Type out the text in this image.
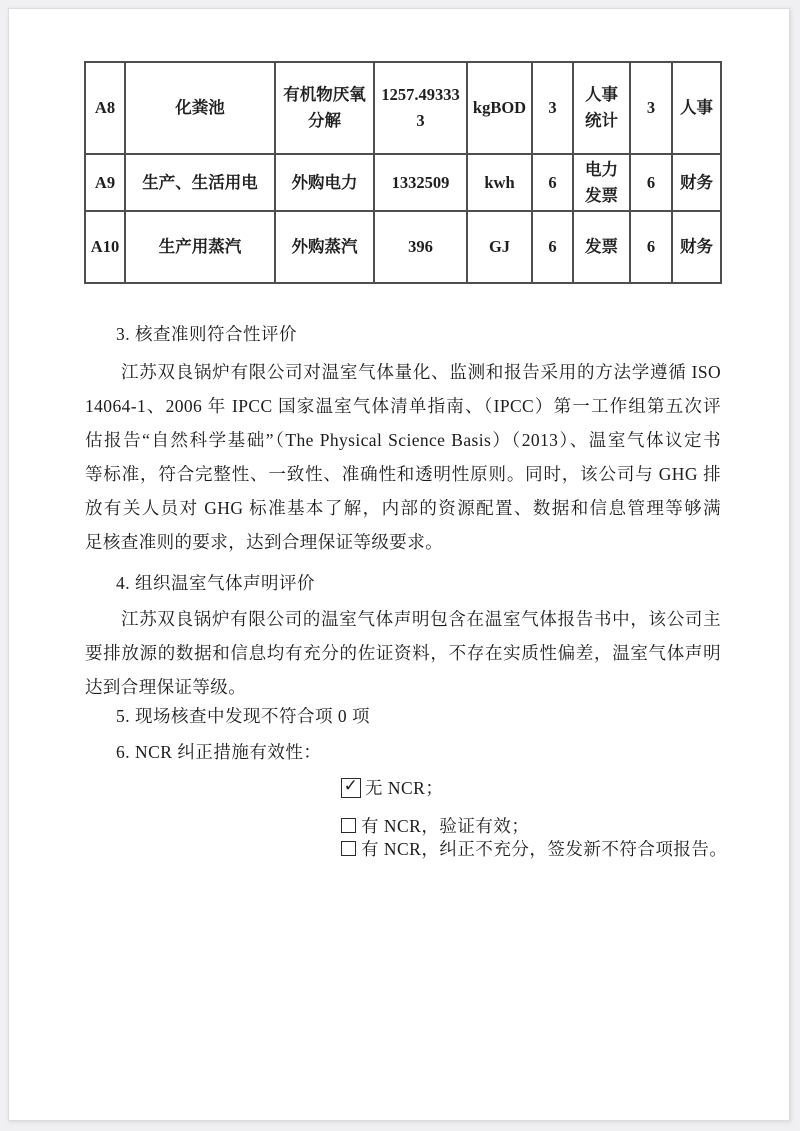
A8	化粪池	有机物厌氧分解	1257.493333	kgBOD	3	人事统计	3	人事
A9	生产、生活用电	外购电力	1332509	kwh	6	电力发票	6	财务
A10	生产用蒸汽	外购蒸汽	396	GJ	6	发票	6	财务
3. 核查准则符合性评价
江苏双良锅炉有限公司对温室气体量化、监测和报告采用的方法学遵循 ISO
14064-1、2006 年 IPCC 国家温室气体清单指南、（IPCC）第一工作组第五次评
估报告“自然科学基础”（The Physical Science Basis）（2013）、温室气体议定书
等标准，符合完整性、一致性、准确性和透明性原则。同时，该公司与 GHG 排
放有关人员对 GHG 标准基本了解，内部的资源配置、数据和信息管理等够满
足核查准则的要求，达到合理保证等级要求。
4. 组织温室气体声明评价
江苏双良锅炉有限公司的温室气体声明包含在温室气体报告书中，该公司主
要排放源的数据和信息均有充分的佐证资料，不存在实质性偏差，温室气体声明
达到合理保证等级。
5. 现场核查中发现不符合项 0 项
6. NCR 纠正措施有效性：
✓ 无 NCR；
有 NCR，验证有效；
有 NCR，纠正不充分，签发新不符合项报告。
